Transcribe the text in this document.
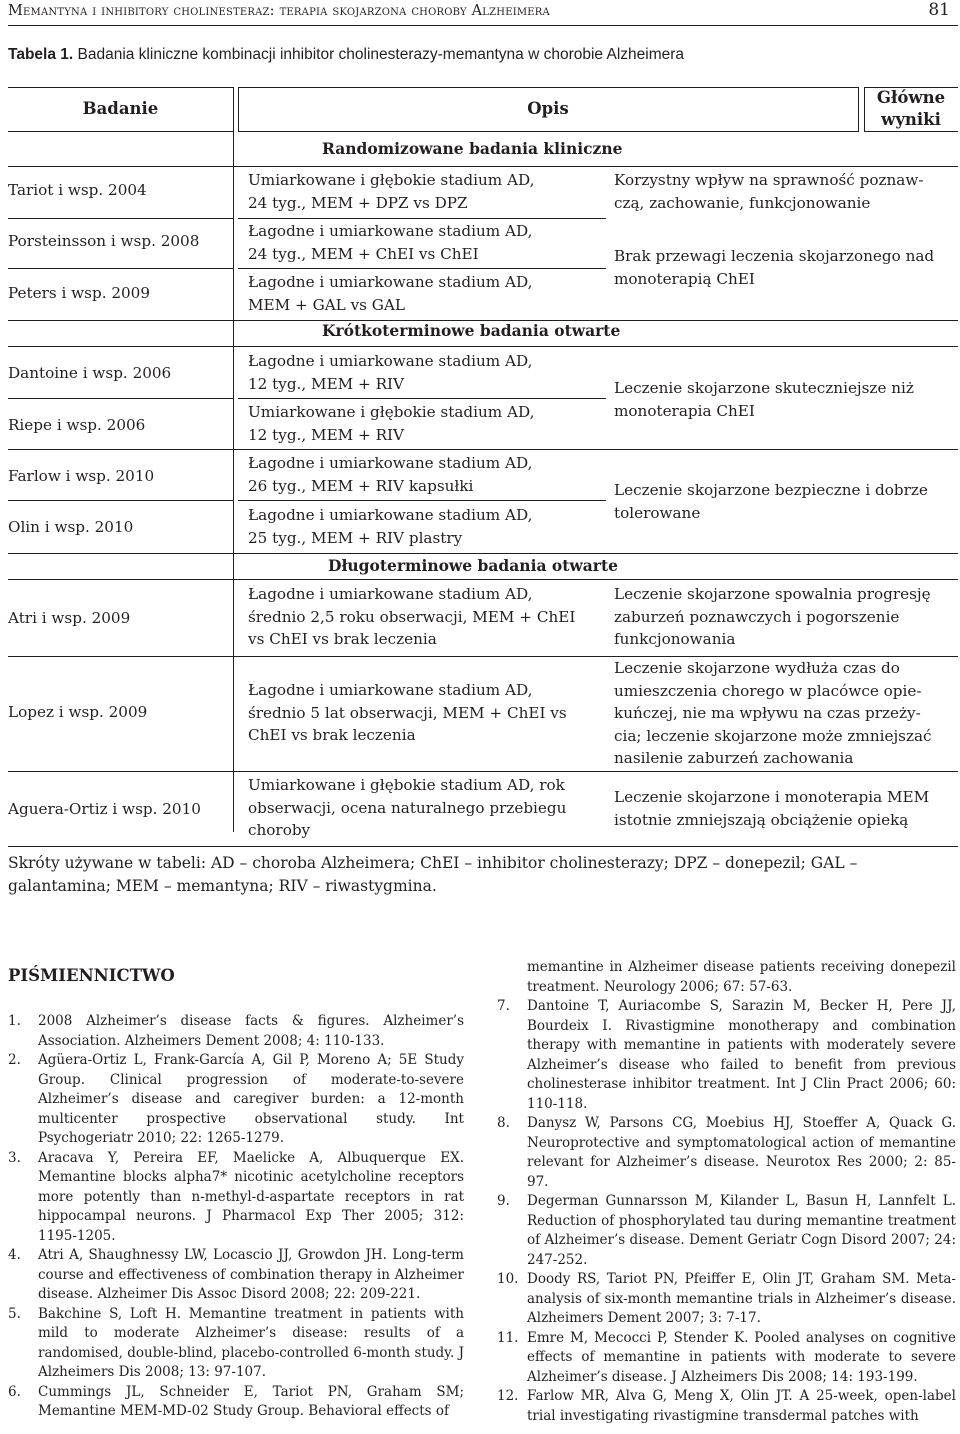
Memantyna i inhibitory cholinesteraz: terapia skojarzona choroby Alzheimera	81
Tabela 1. Badania kliniczne kombinacji inhibitor cholinesterazy-memantyna w chorobie Alzheimera
Badanie	Opis
Główne
wyniki
Randomizowane badania kliniczne
Krótkoterminowe badania otwarte
Długoterminowe badania otwarte
Tariot i wsp. 2004
Porsteinsson i wsp. 2008
Peters i wsp. 2009
Dantoine i wsp. 2006
Riepe i wsp. 2006
Farlow i wsp. 2010
Olin i wsp. 2010
Atri i wsp. 2009
Lopez i wsp. 2009
Aguera-Ortiz i wsp. 2010
Umiarkowane i głębokie stadium AD,
24 tyg., MEM + DPZ vs DPZ
Łagodne i umiarkowane stadium AD,
24 tyg., MEM + ChEI vs ChEI
Łagodne i umiarkowane stadium AD,
MEM + GAL vs GAL
Łagodne i umiarkowane stadium AD,
12 tyg., MEM + RIV
Umiarkowane i głębokie stadium AD,
12 tyg., MEM + RIV
Łagodne i umiarkowane stadium AD,
26 tyg., MEM + RIV kapsułki
Łagodne i umiarkowane stadium AD,
25 tyg., MEM + RIV plastry
Łagodne i umiarkowane stadium AD,
średnio 2,5 roku obserwacji, MEM + ChEI
vs ChEI vs brak leczenia
Łagodne i umiarkowane stadium AD,
średnio 5 lat obserwacji, MEM + ChEI vs
ChEI vs brak leczenia
Umiarkowane i głębokie stadium AD, rok
obserwacji, ocena naturalnego przebiegu
choroby
Korzystny wpływ na sprawność poznaw-
czą, zachowanie, funkcjonowanie
Brak przewagi leczenia skojarzonego nad
monoterapią ChEI
Leczenie skojarzone skuteczniejsze niż
monoterapia ChEI
Leczenie skojarzone bezpieczne i dobrze
tolerowane
Leczenie skojarzone spowalnia progresję
zaburzeń poznawczych i pogorszenie
funkcjonowania
Leczenie skojarzone wydłuża czas do
umieszczenia chorego w placówce opie-
kuńczej, nie ma wpływu na czas przeży-
cia; leczenie skojarzone może zmniejszać
nasilenie zaburzeń zachowania
Leczenie skojarzone i monoterapia MEM
istotnie zmniejszają obciążenie opieką
Skróty używane w tabeli: AD – choroba Alzheimera; ChEI – inhibitor cholinesterazy; DPZ – donepezil; GAL – galantamina; MEM – memantyna; RIV – riwastygmina.
PIŚMIENNICTWO
1. 2008 Alzheimer’s disease facts & figures. Alzheimer’s Association. Alzheimers Dement 2008; 4: 110-133.
2. Agüera-Ortiz L, Frank-García A, Gil P, Moreno A; 5E Study Group. Clinical progression of moderate-to-severe Alzheimer’s disease and caregiver burden: a 12-month multicenter prospective observational study. Int Psychogeriatr 2010; 22: 1265-1279.
3. Aracava Y, Pereira EF, Maelicke A, Albuquerque EX. Memantine blocks alpha7* nicotinic acetylcholine receptors more potently than n-methyl-d-aspartate receptors in rat hippocampal neurons. J Pharmacol Exp Ther 2005; 312: 1195-1205.
4. Atri A, Shaughnessy LW, Locascio JJ, Growdon JH. Long-term course and effectiveness of combination therapy in Alzheimer disease. Alzheimer Dis Assoc Disord 2008; 22: 209-221.
5. Bakchine S, Loft H. Memantine treatment in patients with mild to moderate Alzheimer’s disease: results of a randomised, double-blind, placebo-controlled 6-month study. J Alzheimers Dis 2008; 13: 97-107.
6. Cummings JL, Schneider E, Tariot PN, Graham SM; Memantine MEM-MD-02 Study Group. Behavioral effects of
memantine in Alzheimer disease patients receiving donepezil treatment. Neurology 2006; 67: 57-63.
7. Dantoine T, Auriacombe S, Sarazin M, Becker H, Pere JJ, Bourdeix I. Rivastigmine monotherapy and combination therapy with memantine in patients with moderately severe Alzheimer’s disease who failed to benefit from previous cholinesterase inhibitor treatment. Int J Clin Pract 2006; 60: 110-118.
8. Danysz W, Parsons CG, Moebius HJ, Stoeffer A, Quack G. Neuroprotective and symptomatological action of memantine relevant for Alzheimer’s disease. Neurotox Res 2000; 2: 85-97.
9. Degerman Gunnarsson M, Kilander L, Basun H, Lannfelt L. Reduction of phosphorylated tau during memantine treatment of Alzheimer’s disease. Dement Geriatr Cogn Disord 2007; 24: 247-252.
10. Doody RS, Tariot PN, Pfeiffer E, Olin JT, Graham SM. Meta-analysis of six-month memantine trials in Alzheimer’s disease. Alzheimers Dement 2007; 3: 7-17.
11. Emre M, Mecocci P, Stender K. Pooled analyses on cognitive effects of memantine in patients with moderate to severe Alzheimer’s disease. J Alzheimers Dis 2008; 14: 193-199.
12. Farlow MR, Alva G, Meng X, Olin JT. A 25-week, open-label trial investigating rivastigmine transdermal patches with
